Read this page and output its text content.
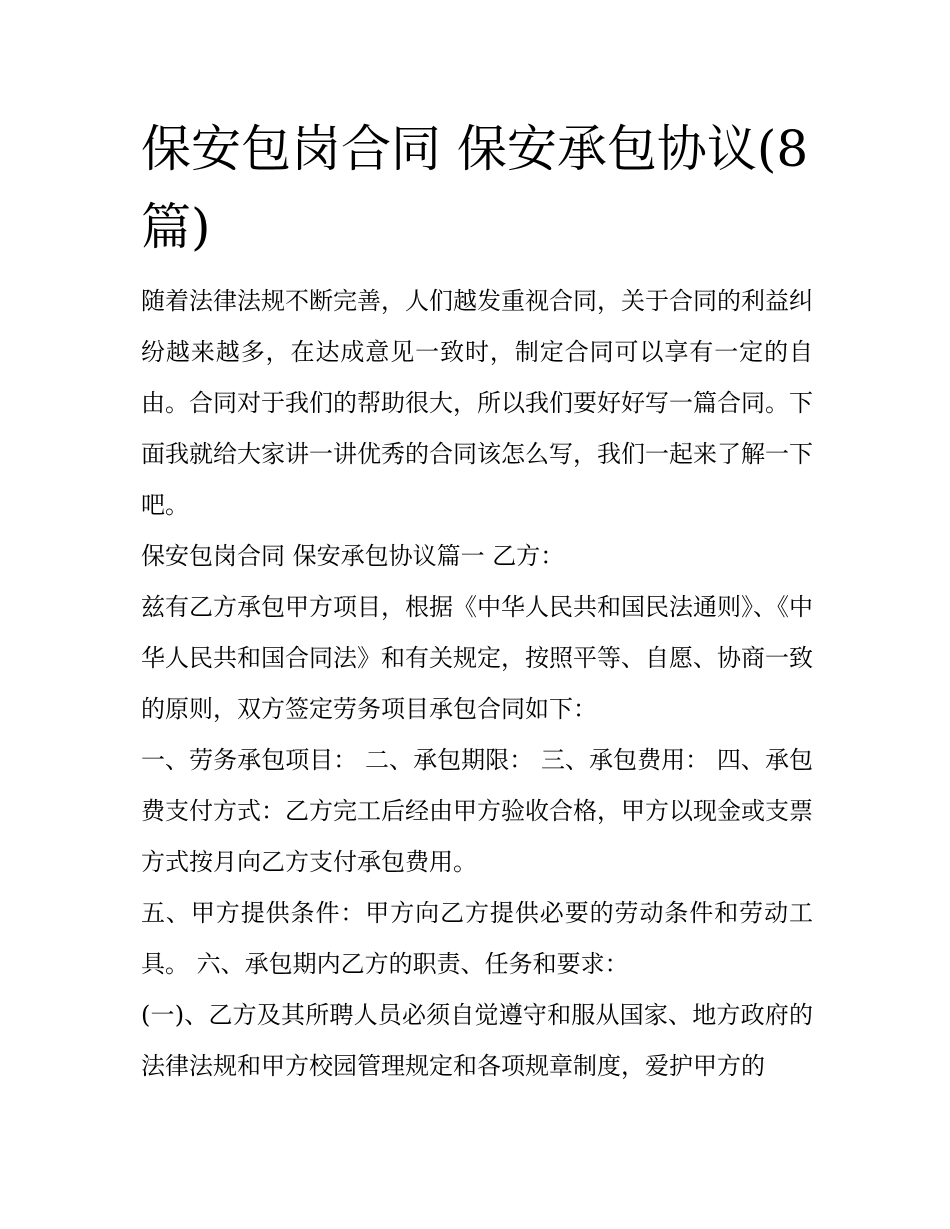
保安包岗合同 保安承包协议(8篇)

随着法律法规不断完善，人们越发重视合同，关于合同的利益纠纷越来越多，在达成意见一致时，制定合同可以享有一定的自由。合同对于我们的帮助很大，所以我们要好好写一篇合同。下面我就给大家讲一讲优秀的合同该怎么写，我们一起来了解一下吧。

保安包岗合同 保安承包协议篇一 乙方：

兹有乙方承包甲方项目，根据《中华人民共和国民法通则》、《中华人民共和国合同法》和有关规定，按照平等、自愿、协商一致的原则，双方签定劳务项目承包合同如下：

一、劳务承包项目： 二、承包期限： 三、承包费用： 四、承包费支付方式：乙方完工后经由甲方验收合格，甲方以现金或支票方式按月向乙方支付承包费用。

五、甲方提供条件：甲方向乙方提供必要的劳动条件和劳动工具。 六、承包期内乙方的职责、任务和要求：

(一)、乙方及其所聘人员必须自觉遵守和服从国家、地方政府的法律法规和甲方校园管理规定和各项规章制度，爱护甲方的
